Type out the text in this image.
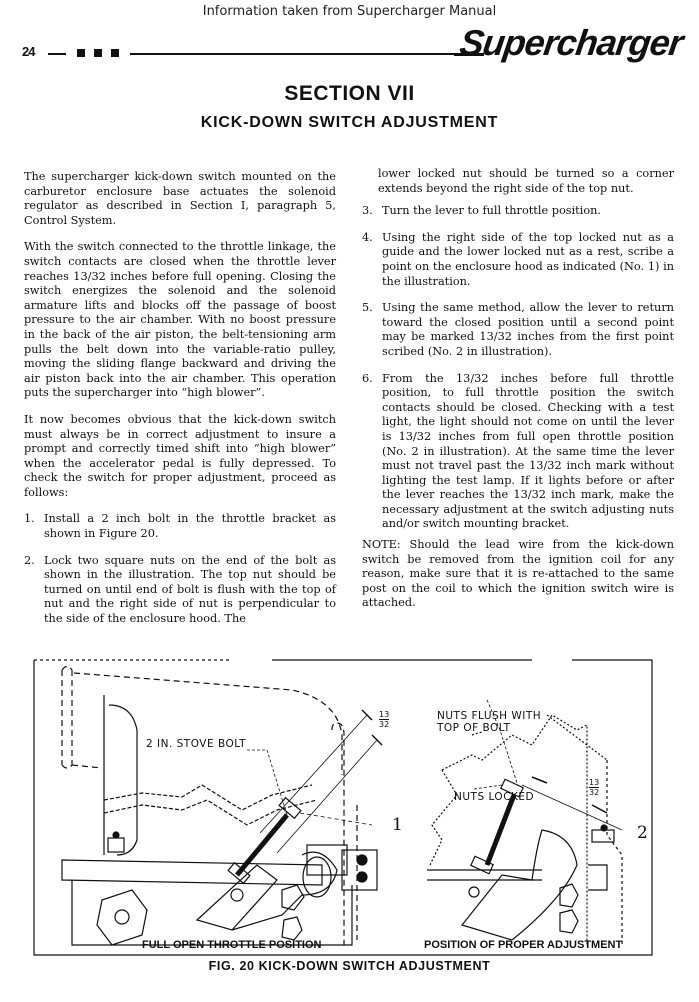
Information taken from Supercharger Manual
24	Supercharger
SECTION VII
KICK-DOWN SWITCH ADJUSTMENT

The supercharger kick-down switch mounted on the carburetor enclosure base actuates the solenoid regulator as described in Section I, paragraph 5, Control System.

With the switch connected to the throttle linkage, the switch contacts are closed when the throttle lever reaches 13/32 inches before full opening. Closing the switch energizes the solenoid and the solenoid armature lifts and blocks off the passage of boost pressure to the air chamber. With no boost pressure in the back of the air piston, the belt-tensioning arm pulls the belt down into the variable-ratio pulley, moving the sliding flange backward and driving the air piston back into the air chamber. This operation puts the supercharger into “high blower”.

It now becomes obvious that the kick-down switch must always be in correct adjustment to insure a prompt and correctly timed shift into “high blower” when the accelerator pedal is fully depressed. To check the switch for proper adjustment, proceed as follows:

1. Install a 2 inch bolt in the throttle bracket as shown in Figure 20.
2. Lock two square nuts on the end of the bolt as shown in the illustration. The top nut should be turned on until end of bolt is flush with the top of nut and the right side of nut is perpendicular to the side of the enclosure hood. The
lower locked nut should be turned so a corner extends beyond the right side of the top nut.
3. Turn the lever to full throttle position.
4. Using the right side of the top locked nut as a guide and the lower locked nut as a rest, scribe a point on the enclosure hood as indicated (No. 1) in the illustration.
5. Using the same method, allow the lever to return toward the closed position until a second point may be marked 13/32 inches from the first point scribed (No. 2 in illustration).
6. From the 13/32 inches before full throttle position, to full throttle position the switch contacts should be closed. Checking with a test light, the light should not come on until the lever is 13/32 inches from full open throttle position (No. 2 in illustration). At the same time the lever must not travel past the 13/32 inch mark without lighting the test lamp. If it lights before or after the lever reaches the 13/32 inch mark, make the necessary adjustment at the switch adjusting nuts and/or switch mounting bracket.

NOTE: Should the lead wire from the kick-down switch be removed from the ignition coil for any reason, make sure that it is re-attached to the same post on the coil to which the ignition switch wire is attached.

2 IN. STOVE BOLT
1
$\frac{13}{32}$
FULL OPEN THROTTLE POSITION
NUTS FLUSH WITH
TOP OF BOLT
NUTS LOCKED
2
$\frac{13}{32}$
POSITION OF PROPER ADJUSTMENT
FIG. 20 KICK-DOWN SWITCH ADJUSTMENT
